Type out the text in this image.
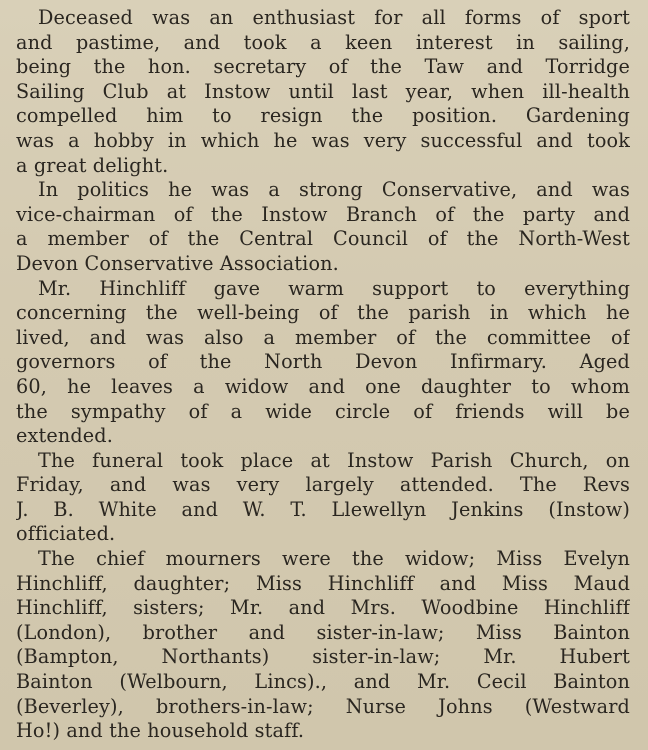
Deceased was an enthusiast for all forms of sport
and pastime, and took a keen interest in sailing,
being the hon. secretary of the Taw and Torridge
Sailing Club at Instow until last year, when ill-health
compelled him to resign the position. Gardening
was a hobby in which he was very successful and took
a great delight.
In politics he was a strong Conservative, and was
vice-chairman of the Instow Branch of the party and
a member of the Central Council of the North-West
Devon Conservative Association.
Mr. Hinchliff gave warm support to everything
concerning the well-being of the parish in which he
lived, and was also a member of the committee of
governors of the North Devon Infirmary. Aged
60, he leaves a widow and one daughter to whom
the sympathy of a wide circle of friends will be
extended.
The funeral took place at Instow Parish Church, on
Friday, and was very largely attended. The Revs
J. B. White and W. T. Llewellyn Jenkins (Instow)
officiated.
The chief mourners were the widow; Miss Evelyn
Hinchliff, daughter; Miss Hinchliff and Miss Maud
Hinchliff, sisters; Mr. and Mrs. Woodbine Hinchliff
(London), brother and sister-in-law; Miss Bainton
(Bampton, Northants) sister-in-law; Mr. Hubert
Bainton (Welbourn, Lincs)., and Mr. Cecil Bainton
(Beverley), brothers-in-law; Nurse Johns (Westward
Ho!) and the household staff.
